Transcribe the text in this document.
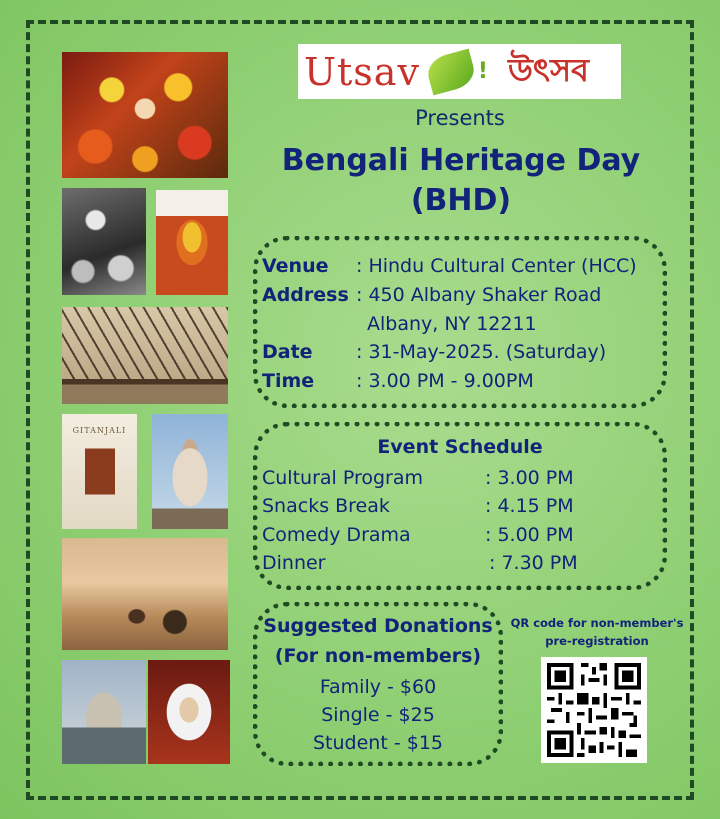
GITANJALI
Utsav	! উৎসব
Presents
Bengali Heritage Day
(BHD)
Venue : Hindu Cultural Center (HCC)
Address : 450 Albany Shaker Road
Albany, NY 12211
Date : 31-May-2025. (Saturday)
Time : 3.00 PM - 9.00PM
Event Schedule
Cultural Program	: 3.00 PM
Snacks Break	: 4.15 PM
Comedy Drama	: 5.00 PM
Dinner	: 7.30 PM
Suggested Donations
(For non-members)
Family - $60
Single - $25
Student - $15
QR code for non-member's
pre-registration
